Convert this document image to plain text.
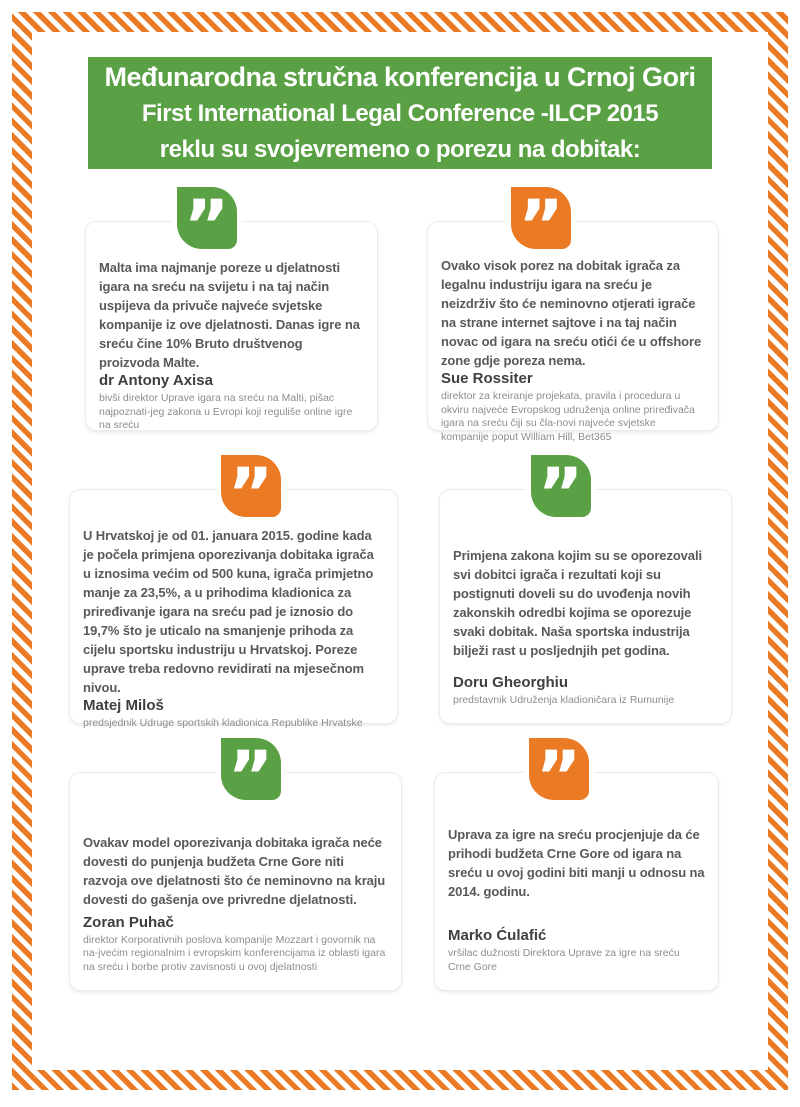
Međunarodna stručna konferencija u Crnoj Gori
First International Legal Conference -ILCP 2015
reklu su svojevremeno o porezu na dobitak:
”
Malta ima najmanje poreze u djelatnosti igara na sreću na svijetu i na taj način uspijeva da privuče najveće svjetske kompanije iz ove djelatnosti. Danas igre na sreću čine 10% Bruto društvenog proizvoda Malte.
dr Antony Axisa
bivši direktor Uprave igara na sreću na Malti, pišac najpoznati-jeg zakona u Evropi koji reguliše online igre na sreću
”
Ovako visok porez na dobitak igrača za legalnu industriju igara na sreću je neizdrživ što će neminovno otjerati igrače na strane internet sajtove i na taj način novac od igara na sreću otići će u offshore zone gdje poreza nema.
Sue Rossiter
direktor za kreiranje projekata, pravila i procedura u okviru najveće Evropskog udruženja online priređivača igara na sreću čiji su čla-novi najveće svjetske kompanije poput William Hill, Bet365
”
U Hrvatskoj je od 01. januara 2015. godine kada je počela primjena oporezivanja dobitaka igrača u iznosima većim od 500 kuna, igrača primjetno manje za 23,5%, a u prihodima kladionica za priređivanje igara na sreću pad je iznosio do 19,7% što je uticalo na smanjenje prihoda za cijelu sportsku industriju u Hrvatskoj. Poreze uprave treba redovno revidirati na mjesečnom nivou.
Matej Miloš
predsjednik Udruge sportskih kladionica Republike Hrvatske
”
Primjena zakona kojim su se oporezovali svi dobitci igrača i rezultati koji su postignuti doveli su do uvođenja novih zakonskih odredbi kojima se oporezuje svaki dobitak. Naša sportska industrija bilježi rast u posljednjih pet godina.
Doru Gheorghiu
predstavnik Udruženja kladioničara iz Rumunije
”
Ovakav model oporezivanja dobitaka igrača neće dovesti do punjenja budžeta Crne Gore niti razvoja ove djelatnosti što će neminovno na kraju dovesti do gašenja ove privredne djelatnosti.
Zoran Puhač
direktor Korporativnih poslova kompanije Mozzart i govornik na na-jvećim regionalnim i evropskim konferencijama iz oblasti igara na sreću i borbe protiv zavisnosti u ovoj djelatnosti
”
Uprava za igre na sreću procjenjuje da će prihodi budžeta Crne Gore od igara na sreću u ovoj godini biti manji u odnosu na 2014. godinu.
Marko Ćulafić
vršilac dužnosti Direktora Uprave za igre na sreću Crne Gore
